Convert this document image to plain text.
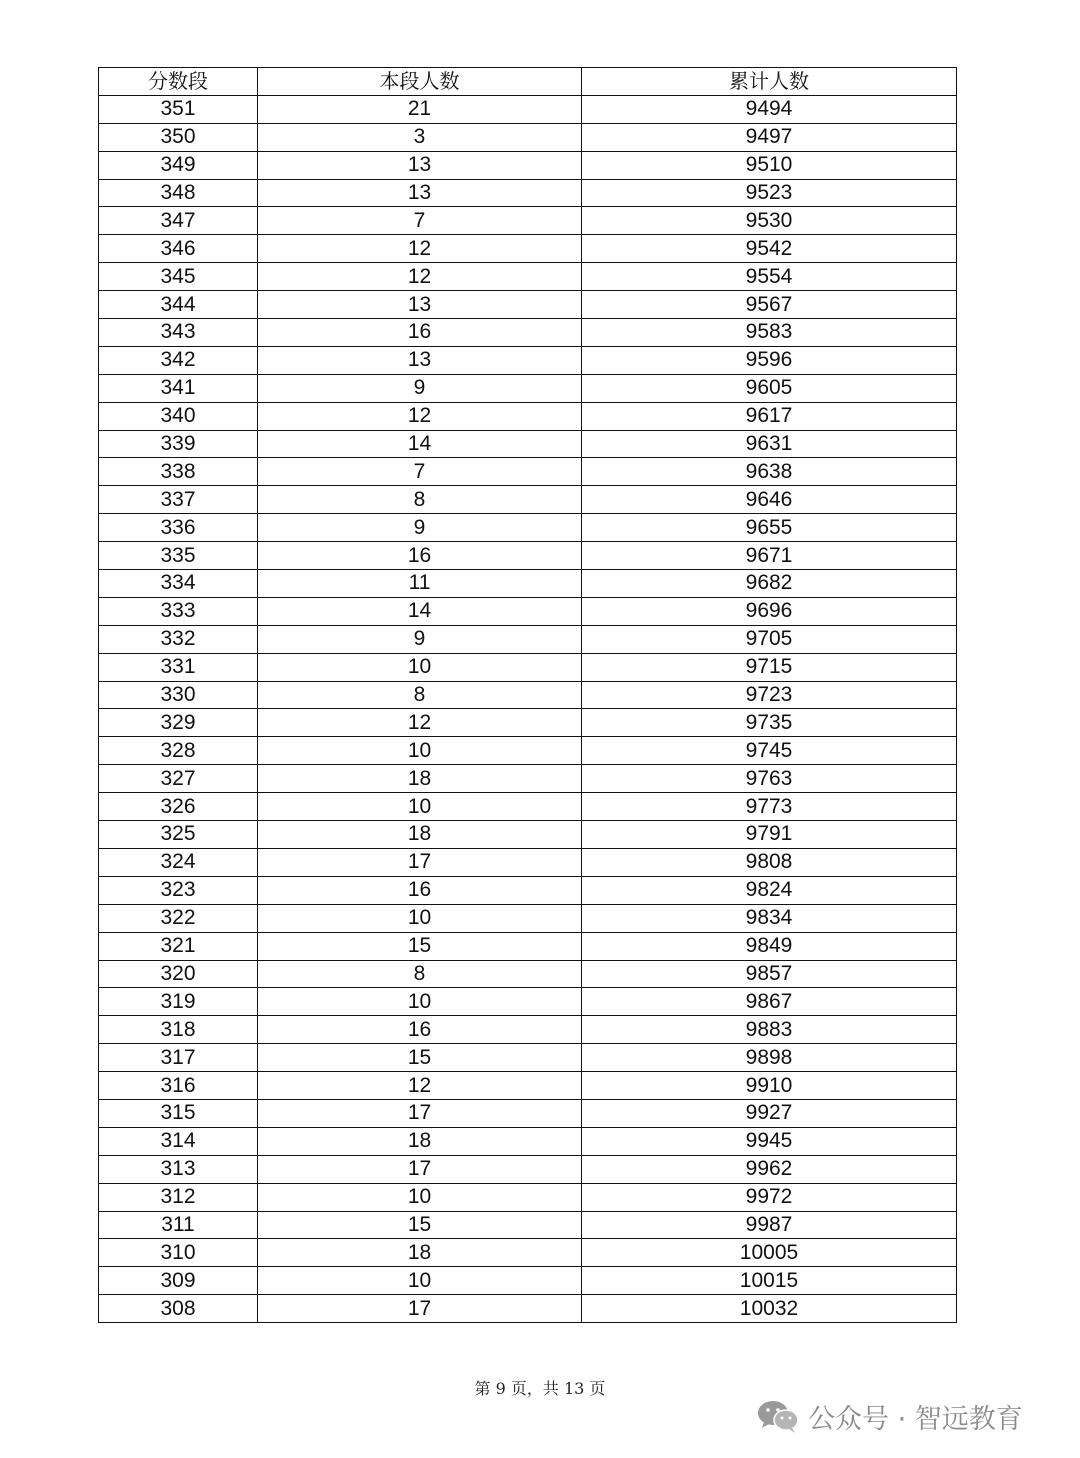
分数段	本段人数	累计人数
351	21	9494
350	3	9497
349	13	9510
348	13	9523
347	7	9530
346	12	9542
345	12	9554
344	13	9567
343	16	9583
342	13	9596
341	9	9605
340	12	9617
339	14	9631
338	7	9638
337	8	9646
336	9	9655
335	16	9671
334	11	9682
333	14	9696
332	9	9705
331	10	9715
330	8	9723
329	12	9735
328	10	9745
327	18	9763
326	10	9773
325	18	9791
324	17	9808
323	16	9824
322	10	9834
321	15	9849
320	8	9857
319	10	9867
318	16	9883
317	15	9898
316	12	9910
315	17	9927
314	18	9945
313	17	9962
312	10	9972
311	15	9987
310	18	10005
309	10	10015
308	17	10032
第 9 页，共 13 页
公众号 · 智远教育
